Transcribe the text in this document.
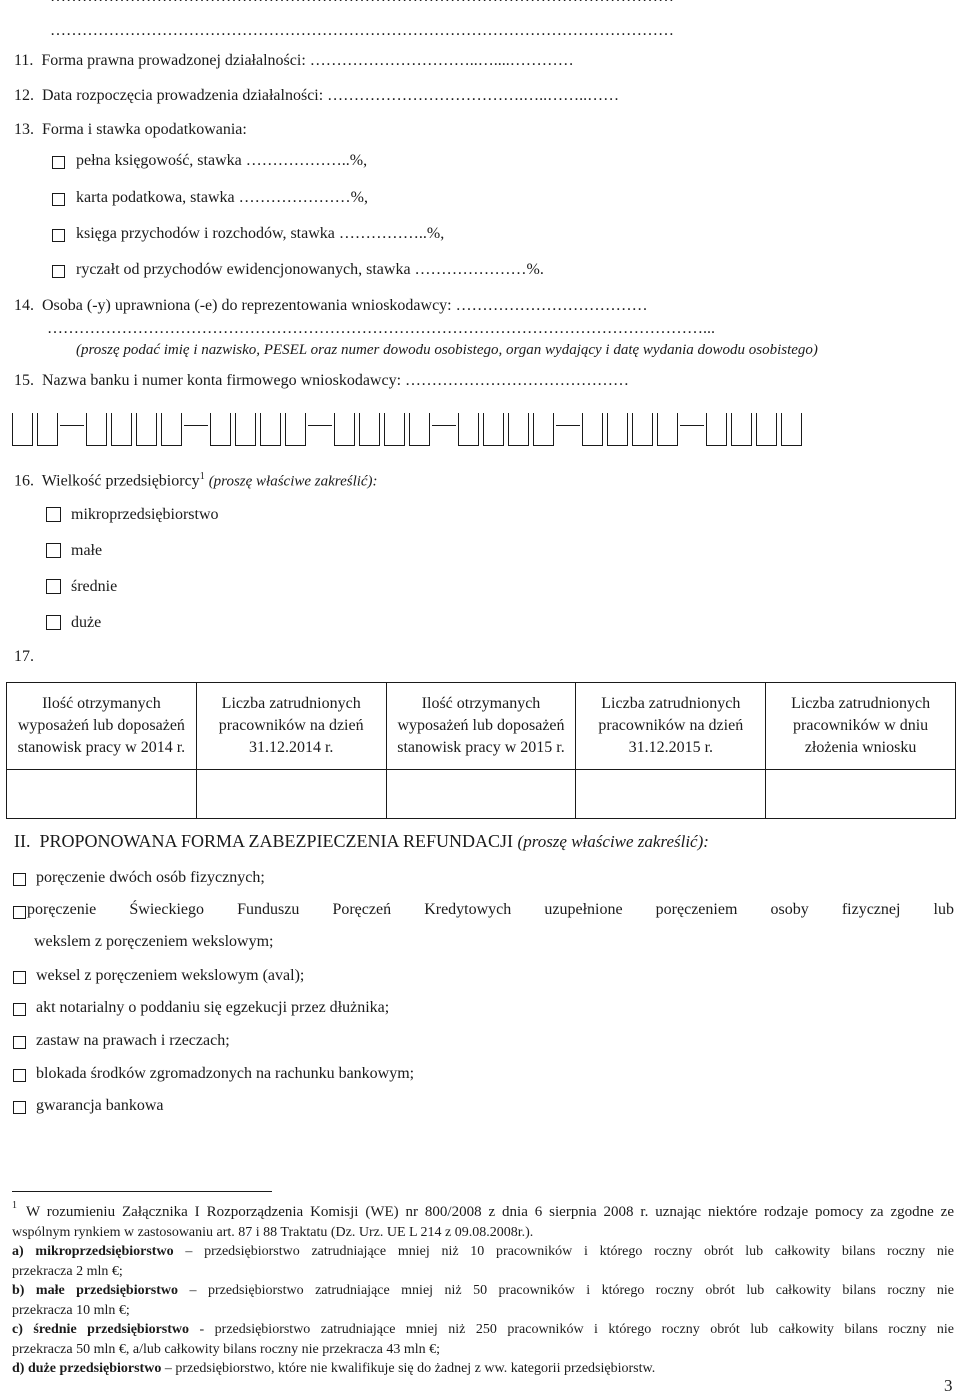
………………………………………………………………………………………………………
11. Forma prawna prowadzonej działalności: …………………………..…....…………
12. Data rozpoczęcia prowadzenia działalności: ……………………………….…..……..……
13. Forma i stawka opodatkowania:
pełna księgowość, stawka ………………..%,
karta podatkowa, stawka …………………%,
księga przychodów i rozchodów, stawka ……………..%,
ryczałt od przychodów ewidencjonowanych, stawka …………………%.
14. Osoba (-y) uprawniona (-e) do reprezentowania wnioskodawcy: ………………………………
……………………………………………………………………………………………………………...
(proszę podać imię i nazwisko, PESEL oraz numer dowodu osobistego, organ wydający i datę wydania dowodu osobistego)
15. Nazwa banku i numer konta firmowego wnioskodawcy: ……………………………………
16. Wielkość przedsiębiorcy$^1$ (proszę właściwe zakreślić):
mikroprzedsiębiorstwo
małe
średnie
duże
17.
Ilość otrzymanych wyposażeń lub doposażeń stanowisk pracy w 2014 r.	Liczba zatrudnionych pracowników na dzień 31.12.2014 r.	Ilość otrzymanych wyposażeń lub doposażeń stanowisk pracy w 2015 r.	Liczba zatrudnionych pracowników na dzień 31.12.2015 r.	Liczba zatrudnionych pracowników w dniu złożenia wniosku

II. PROPONOWANA FORMA ZABEZPIECZENIA REFUNDACJI (proszę właściwe zakreślić):
poręczenie dwóch osób fizycznych;
poręczenie Świeckiego Funduszu Poręczeń Kredytowych uzupełnione poręczeniem osoby fizycznej lub
wekslem z poręczeniem wekslowym;
weksel z poręczeniem wekslowym (aval);
akt notarialny o poddaniu się egzekucji przez dłużnika;
zastaw na prawach i rzeczach;
blokada środków zgromadzonych na rachunku bankowym;
gwarancja bankowa
1 W rozumieniu Załącznika I Rozporządzenia Komisji (WE) nr 800/2008 z dnia 6 sierpnia 2008 r. uznając niektóre rodzaje pomocy za zgodne ze
wspólnym rynkiem w zastosowaniu art. 87 i 88 Traktatu (Dz. Urz. UE L 214 z 09.08.2008r.).
a) mikroprzedsiębiorstwo – przedsiębiorstwo zatrudniające mniej niż 10 pracowników i którego roczny obrót lub całkowity bilans roczny nie
przekracza 2 mln €;
b) małe przedsiębiorstwo – przedsiębiorstwo zatrudniające mniej niż 50 pracowników i którego roczny obrót lub całkowity bilans roczny nie
przekracza 10 mln €;
c) średnie przedsiębiorstwo - przedsiębiorstwo zatrudniające mniej niż 250 pracowników i którego roczny obrót lub całkowity bilans roczny nie
przekracza 50 mln €, a/lub całkowity bilans roczny nie przekracza 43 mln €;
d) duże przedsiębiorstwo – przedsiębiorstwo, które nie kwalifikuje się do żadnej z ww. kategorii przedsiębiorstw.
3
